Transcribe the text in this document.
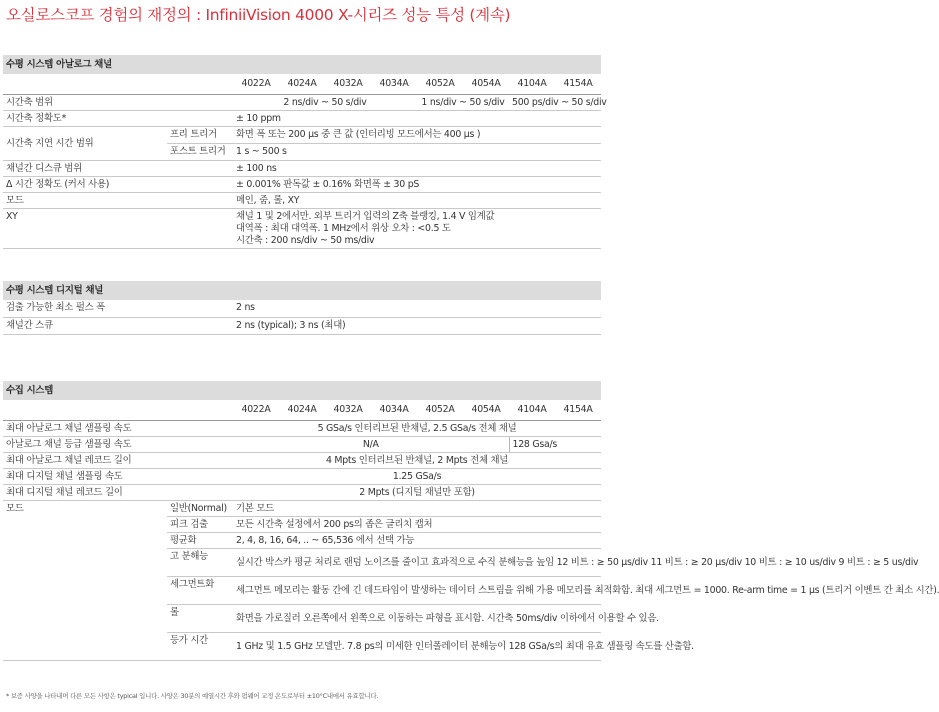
오실로스코프 경험의 재정의 : InfiniiVision 4000 X-시리즈 성능 특성 (계속)
수평 시스템 아날로그 채널									
		4022A	4024A	4032A	4034A	4052A	4054A	4104A	4154A
시간축 범위		2 ns/div ~ 50 s/div				1 ns/div ~ 50 s/div		500 ps/div ~ 50 s/div	
시간축 정확도*		± 10 ppm							
시간축 지연 시간 범위	프리 트리거	화면 폭 또는 200 μs 중 큰 값 (인터리빙 모드에서는 400 μs )							
	포스트 트리거	1 s ~ 500 s							
채널간 디스큐 범위		± 100 ns							
Δ 시간 정확도 (커서 사용)		± 0.001% 판독값 ± 0.16% 화면폭 ± 30 pS							
모드		메인, 줌, 롤, XY							
XY		채널 1 및 2에서만. 외부 트리거 입력의 Z축 블랭킹, 1.4 V 임계값
대역폭 : 최대 대역폭. 1 MHz에서 위상 오차 : <0.5 도
시간축 : 200 ns/div ~ 50 ms/div							
수평 시스템 디지털 채널	
검출 가능한 최소 펄스 폭	2 ns
채널간 스큐	2 ns (typical); 3 ns (최대)
수집 시스템									
		4022A	4024A	4032A	4034A	4052A	4054A	4104A	4154A
최대 아날로그 채널 샘플링 속도		5 GSa/s 인터리브된 반채널, 2.5 GSa/s 전체 채널							
아날로그 채널 등급 샘플링 속도		N/A						128 Gsa/s	
최대 아날로그 채널 레코드 길이		4 Mpts 인터리브된 반채널, 2 Mpts 전체 채널							
최대 디지털 채널 샘플링 속도		1.25 GSa/s							
최대 디지털 채널 레코드 길이		2 Mpts (디지털 채널만 포함)							
모드	일반(Normal)	기본 모드							
	피크 검출	모든 시간축 설정에서 200 ps의 좁은 글리치 캡처							
	평균화	2, 4, 8, 16, 64, .. ~ 65,536 에서 선택 가능							
	고 분해능	실시간 박스카 평균 처리로 랜덤 노이즈를 줄이고 효과적으로 수직 분해능을 높임 12 비트 : ≥ 50 μs/div 11 비트 : ≥ 20 μs/div 10 비트 : ≥ 10 us/div 9 비트 : ≥ 5 us/div							
	세그먼트화	세그먼트 메모리는 활동 간에 긴 데드타임이 발생하는 데이터 스트림을 위해 가용 메모리를 최적화함. 최대 세그먼트 = 1000. Re-arm time = 1 μs (트리거 이벤트 간 최소 시간).							
	롤	화면을 가로질러 오른쪽에서 왼쪽으로 이동하는 파형을 표시함. 시간축 50ms/div 이하에서 이용할 수 있음.							
	등가 시간	1 GHz 및 1.5 GHz 모델만. 7.8 ps의 미세한 인터폴레이터 분해능이 128 GSa/s의 최대 유효 샘플링 속도를 산출함.							

* 보증 사양을 나타내며 다른 모든 사항은 typical 입니다. 사양은 30분의 예열시간 후와 펌웨어 교정 온도로부터 ±10°C내에서 유효합니다.
